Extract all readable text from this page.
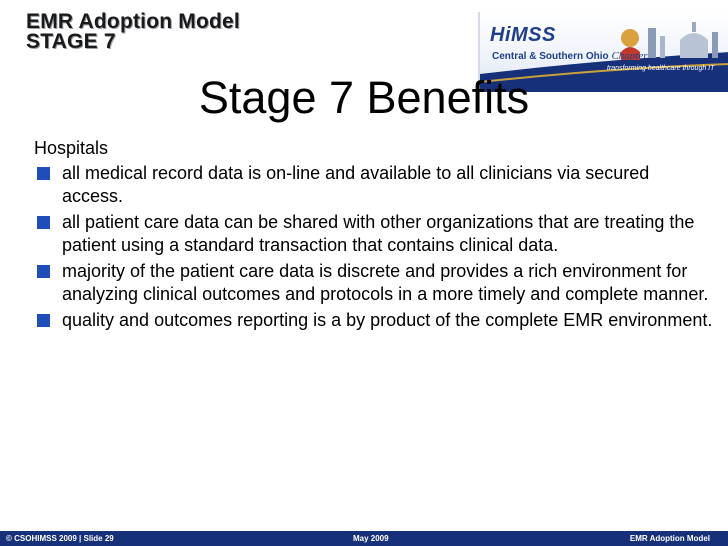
EMR Adoption Model
STAGE 7	HiMSS
Central & Southern Ohio Chapter
transforming healthcare through IT
Stage 7 Benefits
Hospitals
all medical record data is on-line and available to all clinicians via secured access.
all patient care data can be shared with other organizations that are treating the patient using a standard transaction that contains clinical data.
majority of the patient care data is discrete and provides a rich environment for analyzing clinical outcomes and protocols in a more timely and complete manner.
quality and outcomes reporting is a by product of the complete EMR environment.
© CSOHIMSS 2009 | Slide 29	May 2009	EMR Adoption Model
